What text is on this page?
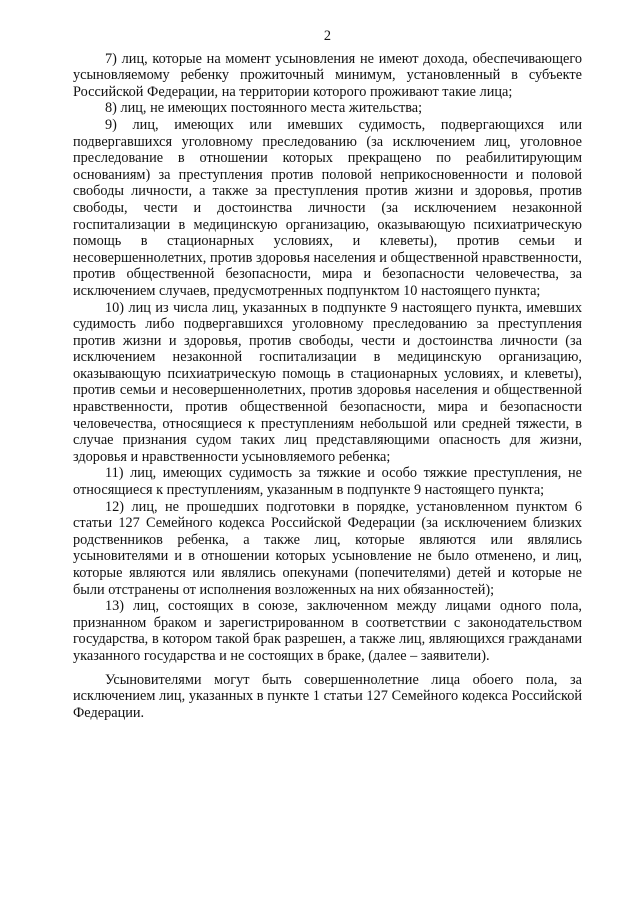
2

7) лиц, которые на момент усыновления не имеют дохода, обеспечивающего усыновляемому ребенку прожиточный минимум, установленный в субъекте Российской Федерации, на территории которого проживают такие лица;

8) лиц, не имеющих постоянного места жительства;

9) лиц, имеющих или имевших судимость, подвергающихся или подвергавшихся уголовному преследованию (за исключением лиц, уголовное преследование в отношении которых прекращено по реабилитирующим основаниям) за преступления против половой неприкосновенности и половой свободы личности, а также за преступления против жизни и здоровья, против свободы, чести и достоинства личности (за исключением незаконной госпитализации в медицинскую организацию, оказывающую психиатрическую помощь в стационарных условиях, и клеветы), против семьи и несовершеннолетних, против здоровья населения и общественной нравственности, против общественной безопасности, мира и безопасности человечества, за исключением случаев, предусмотренных подпунктом 10 настоящего пункта;

10) лиц из числа лиц, указанных в подпункте 9 настоящего пункта, имевших судимость либо подвергавшихся уголовному преследованию за преступления против жизни и здоровья, против свободы, чести и достоинства личности (за исключением незаконной госпитализации в медицинскую организацию, оказывающую психиатрическую помощь в стационарных условиях, и клеветы), против семьи и несовершеннолетних, против здоровья населения и общественной нравственности, против общественной безопасности, мира и безопасности человечества, относящиеся к преступлениям небольшой или средней тяжести, в случае признания судом таких лиц представляющими опасность для жизни, здоровья и нравственности усыновляемого ребенка;

11) лиц, имеющих судимость за тяжкие и особо тяжкие преступления, не относящиеся к преступлениям, указанным в подпункте 9 настоящего пункта;

12) лиц, не прошедших подготовки в порядке, установленном пунктом 6 статьи 127 Семейного кодекса Российской Федерации (за исключением близких родственников ребенка, а также лиц, которые являются или являлись усыновителями и в отношении которых усыновление не было отменено, и лиц, которые являются или являлись опекунами (попечителями) детей и которые не были отстранены от исполнения возложенных на них обязанностей);

13) лиц, состоящих в союзе, заключенном между лицами одного пола, признанном браком и зарегистрированном в соответствии с законодательством государства, в котором такой брак разрешен, а также лиц, являющихся гражданами указанного государства и не состоящих в браке, (далее – заявители).

Усыновителями могут быть совершеннолетние лица обоего пола, за исключением лиц, указанных в пункте 1 статьи 127 Семейного кодекса Российской Федерации.
